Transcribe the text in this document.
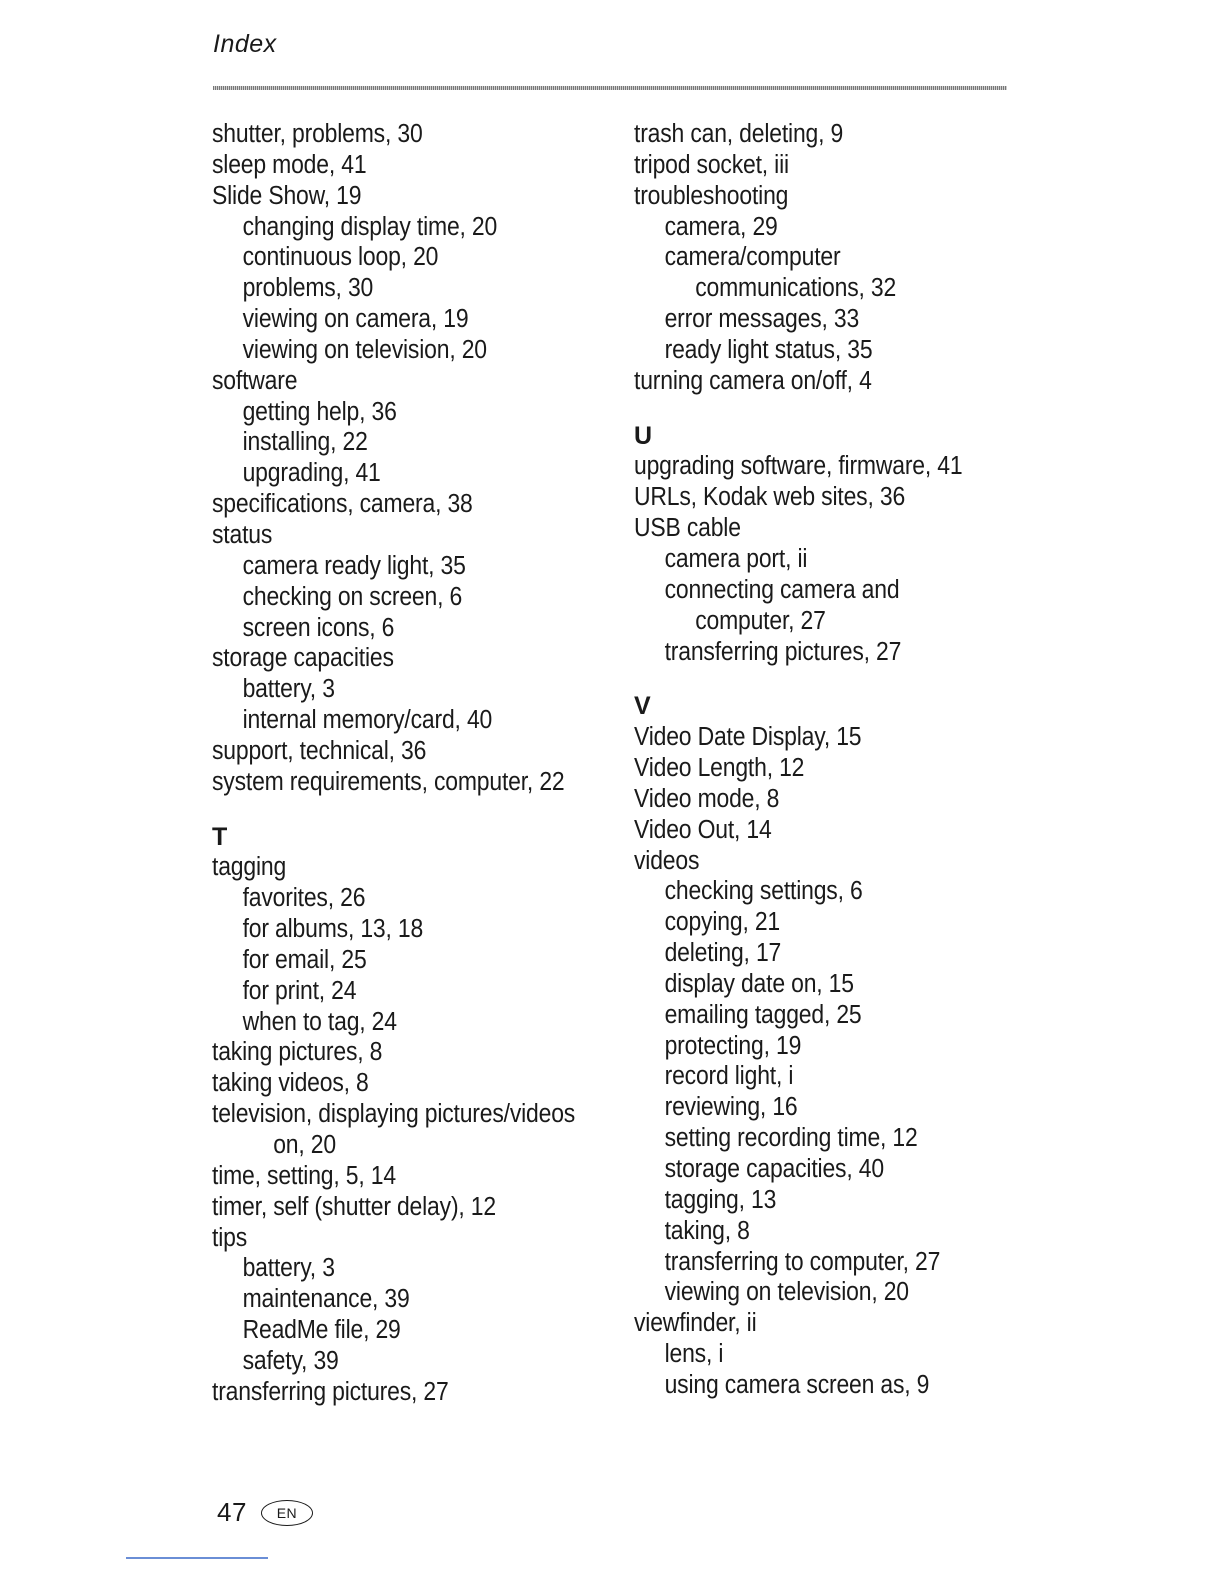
Index
shutter, problems, 30
sleep mode, 41
Slide Show, 19
changing display time, 20
continuous loop, 20
problems, 30
viewing on camera, 19
viewing on television, 20
software
getting help, 36
installing, 22
upgrading, 41
specifications, camera, 38
status
camera ready light, 35
checking on screen, 6
screen icons, 6
storage capacities
battery, 3
internal memory/card, 40
support, technical, 36
system requirements, computer, 22
T
tagging
favorites, 26
for albums, 13, 18
for email, 25
for print, 24
when to tag, 24
taking pictures, 8
taking videos, 8
television, displaying pictures/videos
on, 20
time, setting, 5, 14
timer, self (shutter delay), 12
tips
battery, 3
maintenance, 39
ReadMe file, 29
safety, 39
transferring pictures, 27
trash can, deleting, 9
tripod socket, iii
troubleshooting
camera, 29
camera/computer
communications, 32
error messages, 33
ready light status, 35
turning camera on/off, 4
U
upgrading software, firmware, 41
URLs, Kodak web sites, 36
USB cable
camera port, ii
connecting camera and
computer, 27
transferring pictures, 27
V
Video Date Display, 15
Video Length, 12
Video mode, 8
Video Out, 14
videos
checking settings, 6
copying, 21
deleting, 17
display date on, 15
emailing tagged, 25
protecting, 19
record light, i
reviewing, 16
setting recording time, 12
storage capacities, 40
tagging, 13
taking, 8
transferring to computer, 27
viewing on television, 20
viewfinder, ii
lens, i
using camera screen as, 9
47	EN
